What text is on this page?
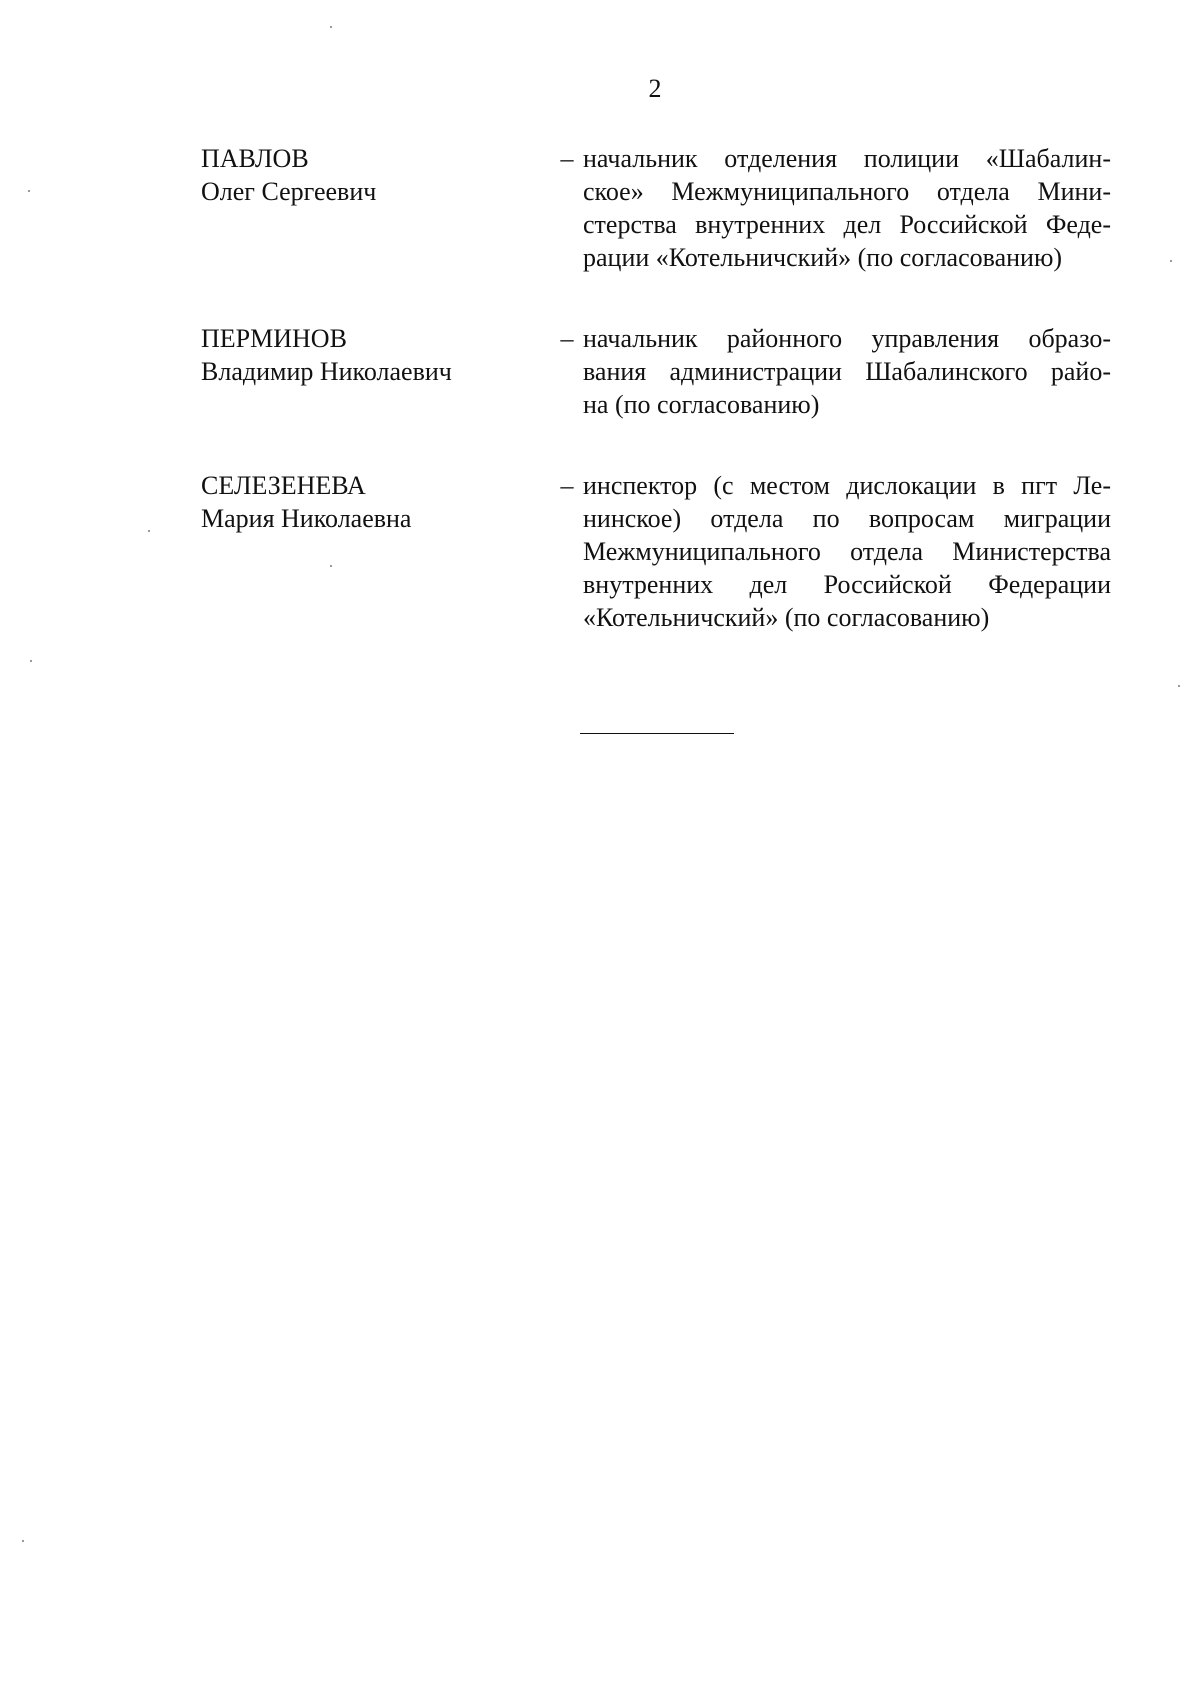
2
ПАВЛОВ
Олег Сергеевич
– начальник отделения полиции «Шабалин-
ское» Межмуниципального отдела Мини-
стерства внутренних дел Российской Феде-
рации «Котельничский» (по согласованию)
ПЕРМИНОВ
Владимир Николаевич
– начальник районного управления образо-
вания администрации Шабалинского райо-
на (по согласованию)
СЕЛЕЗЕНЕВА
Мария Николаевна
– инспектор (с местом дислокации в пгт Ле-
нинское) отдела по вопросам миграции
Межмуниципального отдела Министерства
внутренних дел Российской Федерации
«Котельничский» (по согласованию)
